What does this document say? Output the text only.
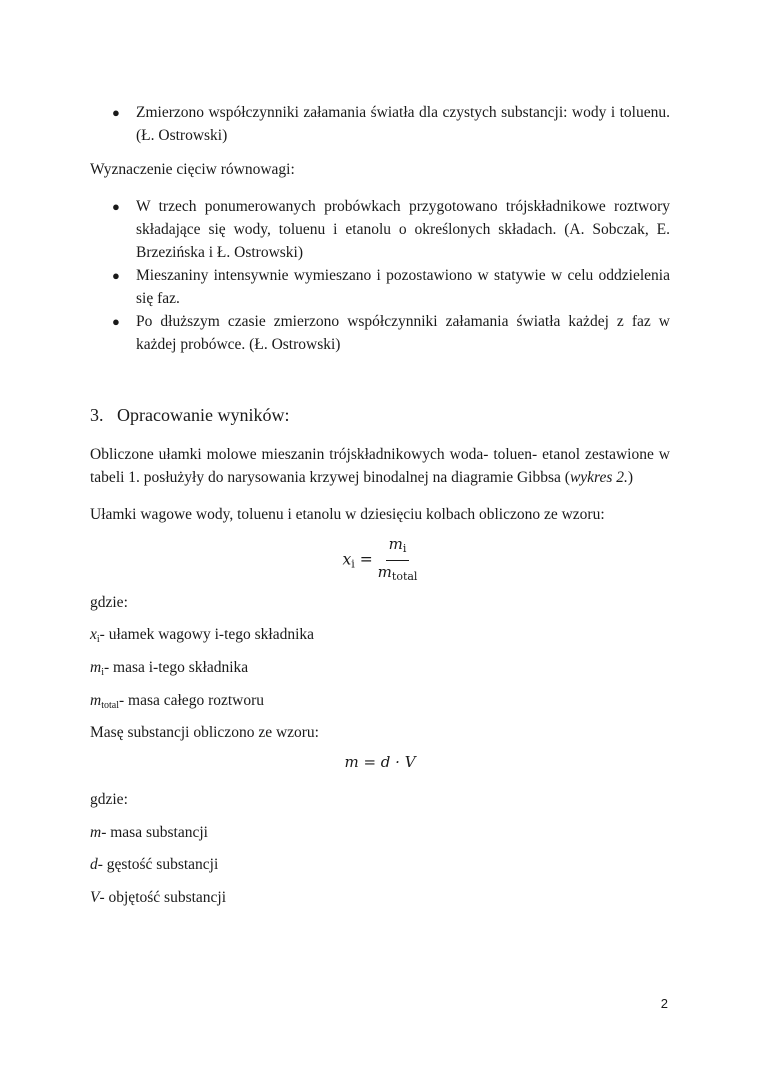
● Zmierzono współczynniki załamania światła dla czystych substancji: wody i toluenu. (Ł. Ostrowski)
Wyznaczenie cięciw równowagi:
● W trzech ponumerowanych probówkach przygotowano trójskładnikowe roztwory składające się wody, toluenu i etanolu o określonych składach. (A. Sobczak, E. Brzezińska i Ł. Ostrowski)
● Mieszaniny intensywnie wymieszano i pozostawiono w statywie w celu oddzielenia się faz.
● Po dłuższym czasie zmierzono współczynniki załamania światła każdej z faz w każdej probówce. (Ł. Ostrowski)
3. Opracowanie wyników:
Obliczone ułamki molowe mieszanin trójskładnikowych woda- toluen- etanol zestawione w tabeli 1. posłużyły do narysowania krzywej binodalnej na diagramie Gibbsa (wykres 2.)
Ułamki wagowe wody, toluenu i etanolu w dziesięciu kolbach obliczono ze wzoru:
$x_i = \frac{m_i}{m_{total}}$
gdzie:
$x_i-$ ułamek wagowy i-tego składnika
$m_i-$ masa i-tego składnika
$m_{total}-$ masa całego roztworu
Masę substancji obliczono ze wzoru:
m = d · V
gdzie:
m- masa substancji
d- gęstość substancji
V- objętość substancji
2
